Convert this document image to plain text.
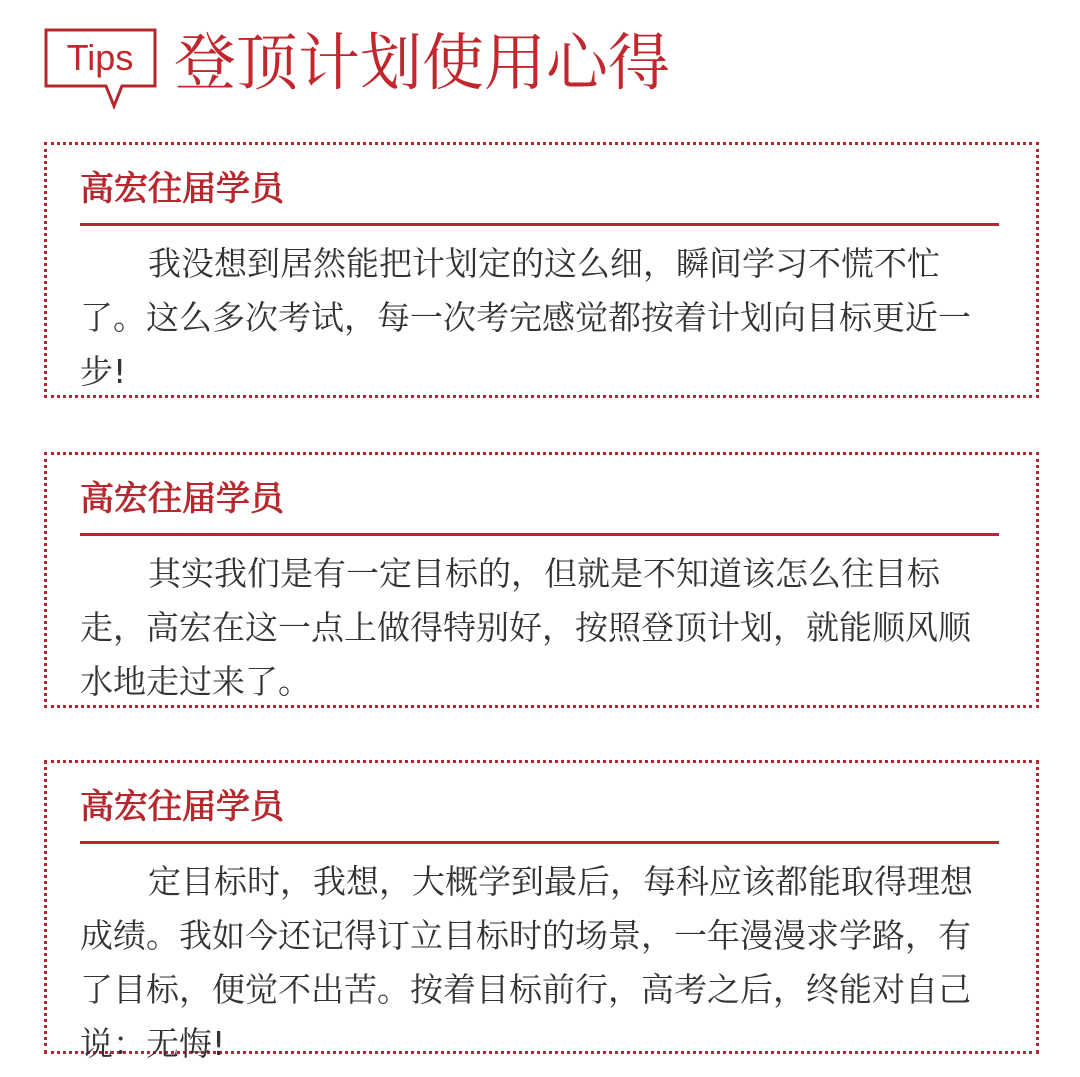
Tips 登顶计划使用心得
高宏往届学员
我没想到居然能把计划定的这么细，瞬间学习不慌不忙了。这么多次考试，每一次考完感觉都按着计划向目标更近一步!
高宏往届学员
其实我们是有一定目标的，但就是不知道该怎么往目标走，高宏在这一点上做得特别好，按照登顶计划，就能顺风顺水地走过来了。
高宏往届学员
定目标时，我想，大概学到最后，每科应该都能取得理想成绩。我如今还记得订立目标时的场景，一年漫漫求学路，有了目标，便觉不出苦。按着目标前行，高考之后，终能对自己说：无悔!
